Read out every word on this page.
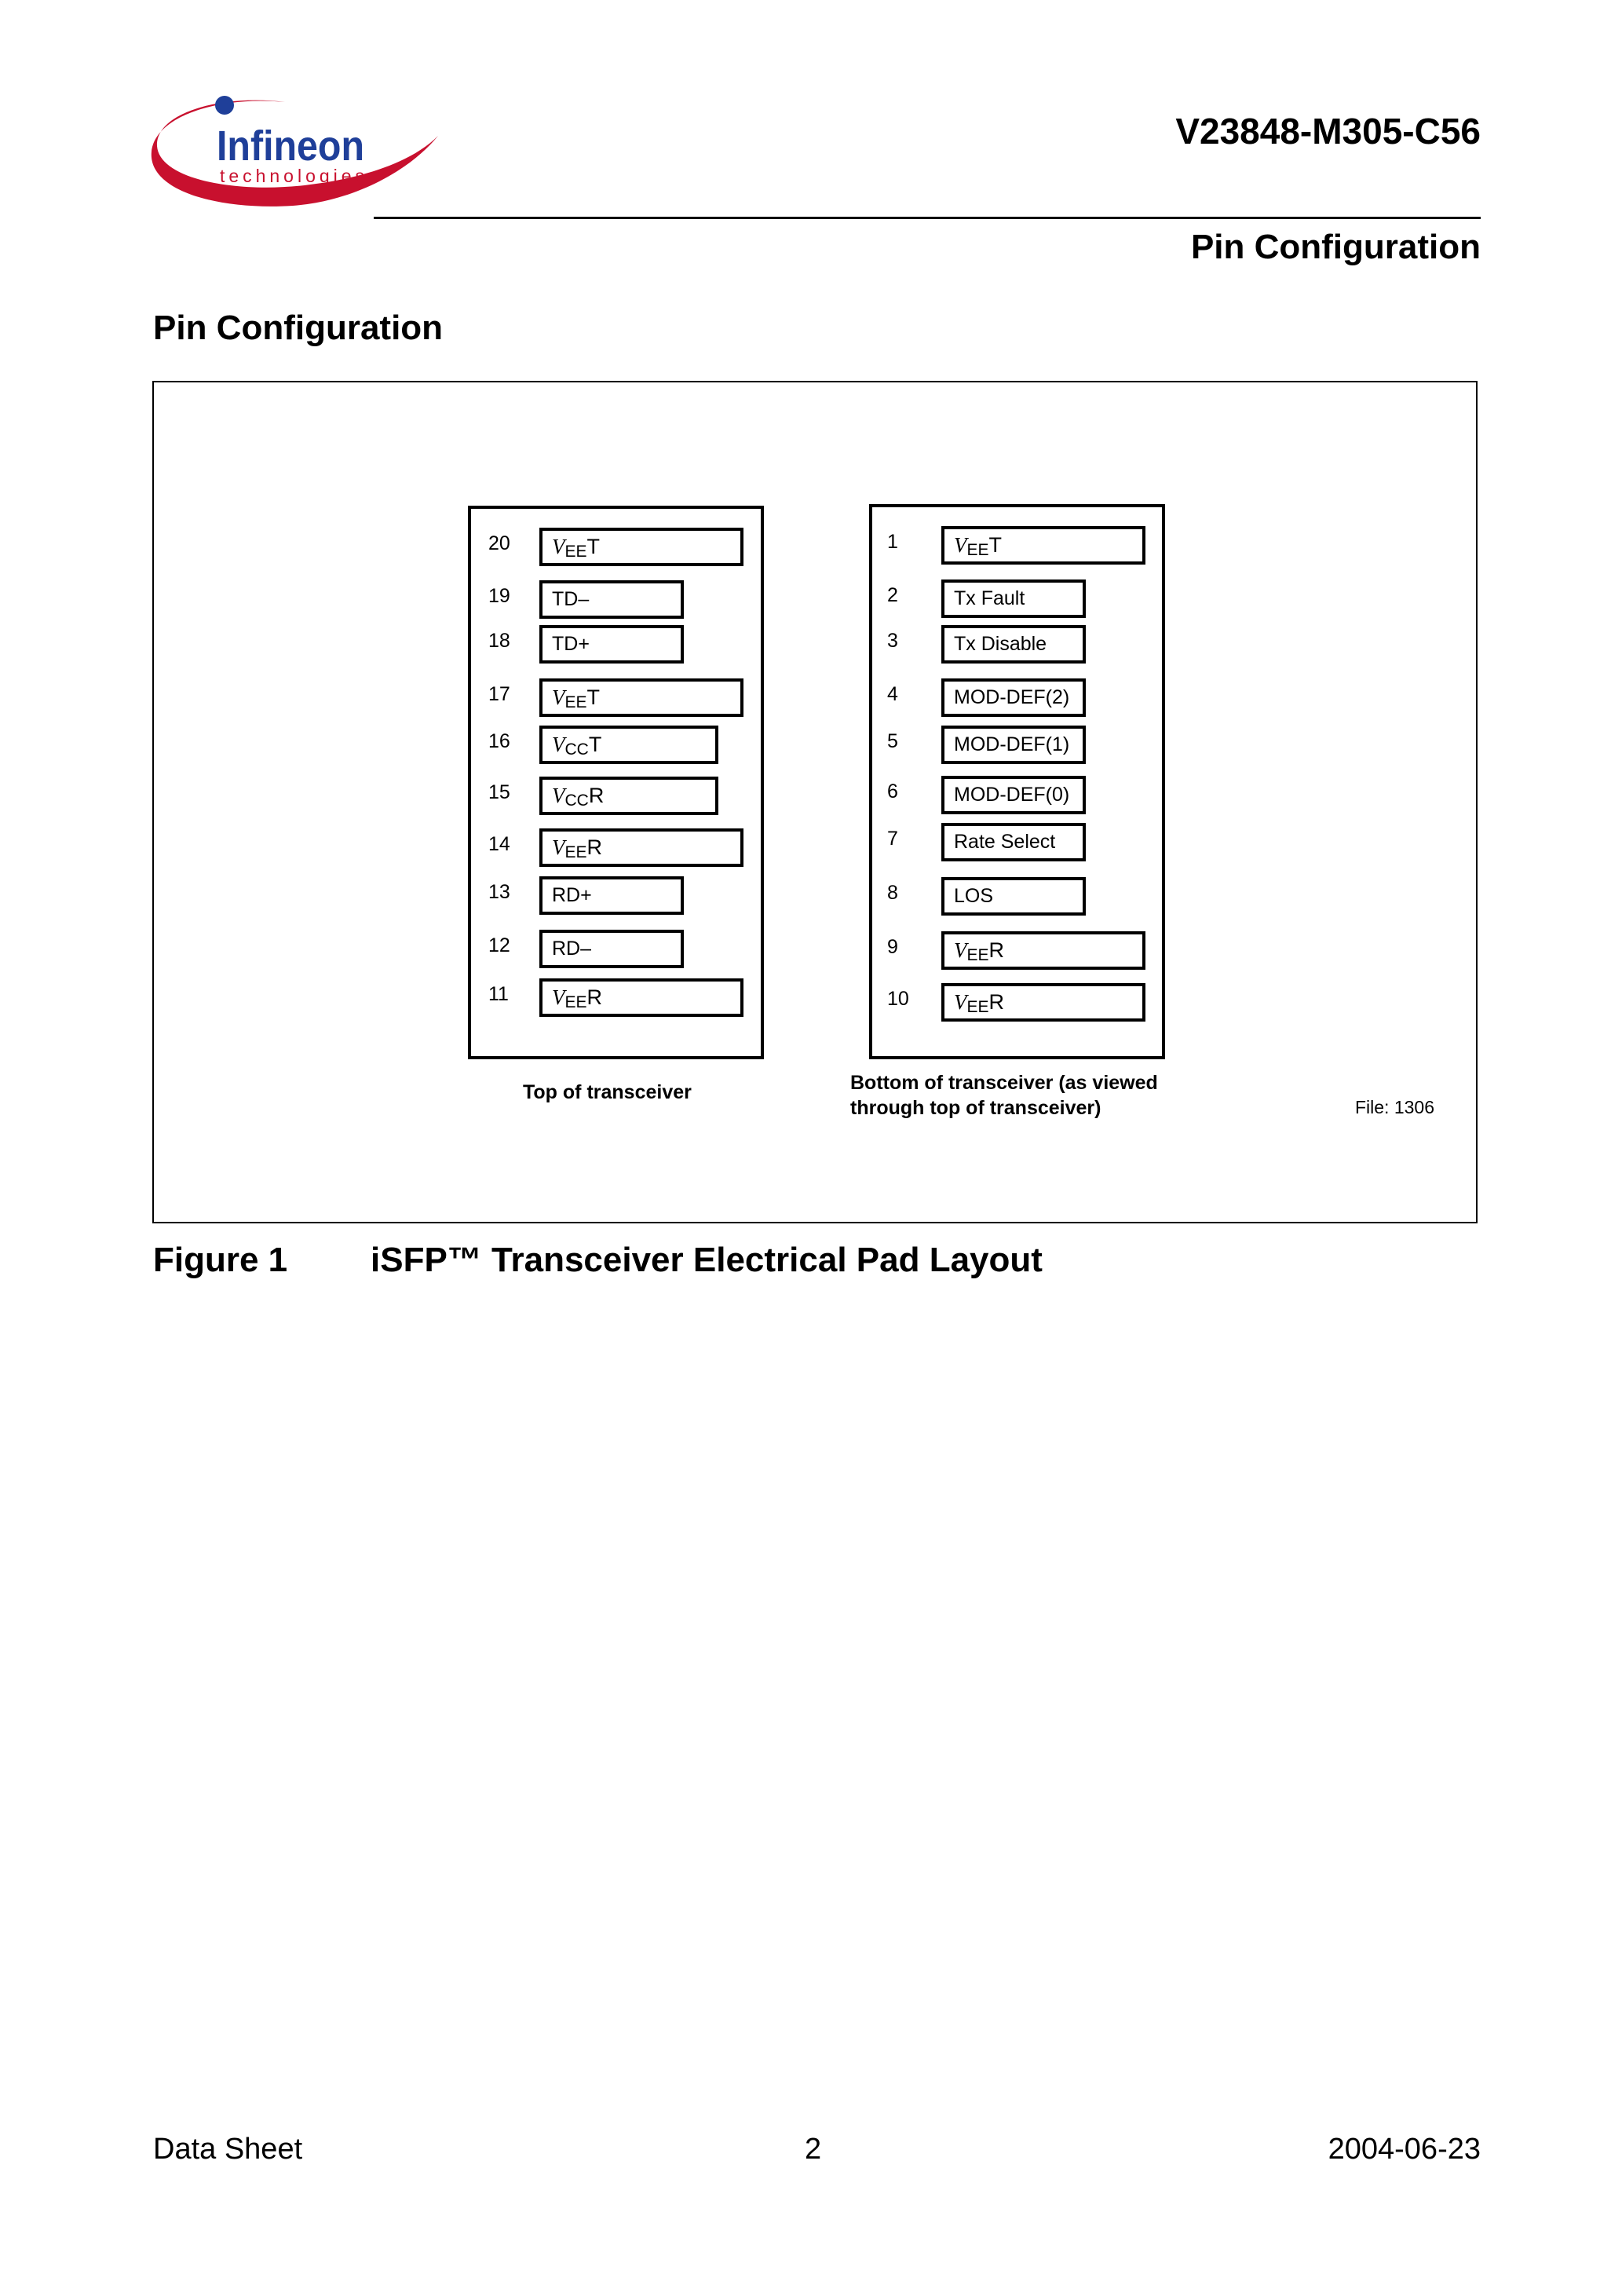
Infineon
technologies
V23848-M305-C56
Pin Configuration
Pin Configuration
20	V EE T
19	TD–
18	TD+
17	V EE T
16	V CC T
15	V CC R
14	V EE R
13	RD+
12	RD–
11	V EE R
1	V EE T
2	Tx Fault
3	Tx Disable
4	MOD-DEF(2)
5	MOD-DEF(1)
6	MOD-DEF(0)
7	Rate Select
8	LOS
9	V EE R
10	V EE R
Top of transceiver	Bottom of transceiver (as viewed
through top of transceiver)	File: 1306
Figure 1 iSFP™ Transceiver Electrical Pad Layout
Data Sheet	2	2004-06-23
